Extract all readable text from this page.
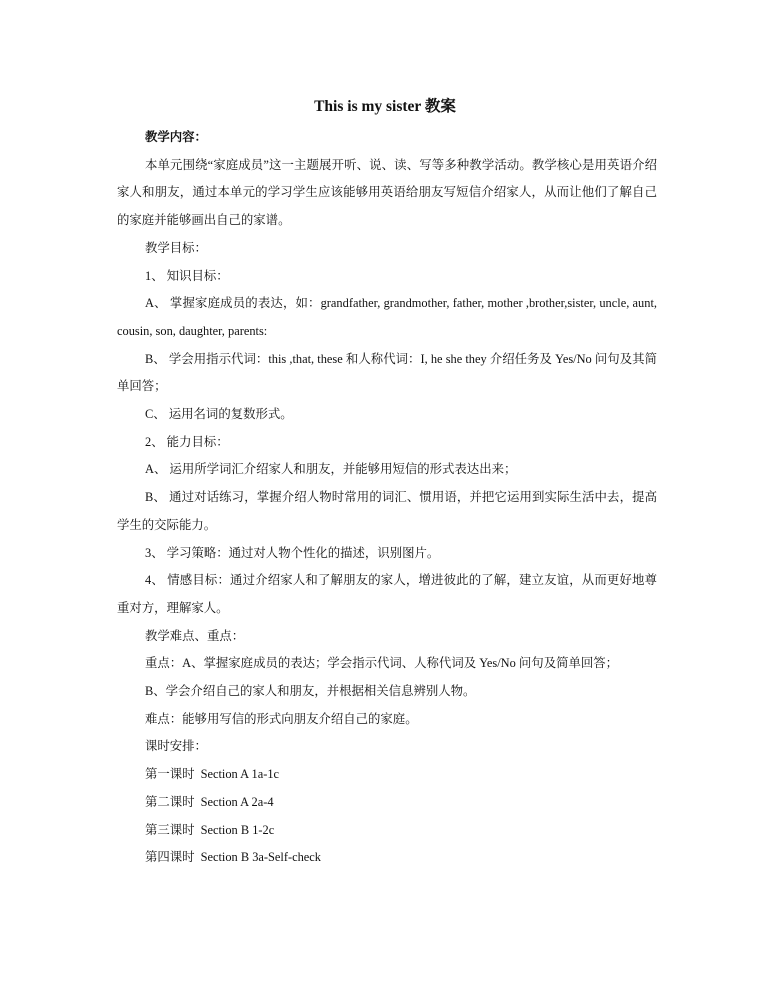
This is my sister 教案

教学内容：

本单元围绕“家庭成员”这一主题展开听、说、读、写等多种教学活动。教学核心是用英语介绍家人和朋友，通过本单元的学习学生应该能够用英语给朋友写短信介绍家人，从而让他们了解自己的家庭并能够画出自己的家谱。

教学目标：

1、 知识目标：

A、 掌握家庭成员的表达，如：grandfather, grandmother, father, mother ,brother,sister, uncle, aunt, cousin, son, daughter, parents:

B、 学会用指示代词：this ,that, these 和人称代词：I, he she they 介绍任务及 Yes/No 问句及其简单回答；

C、 运用名词的复数形式。

2、 能力目标：

A、 运用所学词汇介绍家人和朋友，并能够用短信的形式表达出来；

B、 通过对话练习，掌握介绍人物时常用的词汇、惯用语，并把它运用到实际生活中去，提高学生的交际能力。

3、 学习策略：通过对人物个性化的描述，识别图片。

4、 情感目标：通过介绍家人和了解朋友的家人，增进彼此的了解，建立友谊，从而更好地尊重对方，理解家人。

教学难点、重点：

重点：A、掌握家庭成员的表达；学会指示代词、人称代词及 Yes/No 问句及简单回答；

B、学会介绍自己的家人和朋友，并根据相关信息辨别人物。

难点：能够用写信的形式向朋友介绍自己的家庭。

课时安排：

第一课时 Section A 1a-1c

第二课时 Section A 2a-4

第三课时 Section B 1-2c

第四课时 Section B 3a-Self-check
